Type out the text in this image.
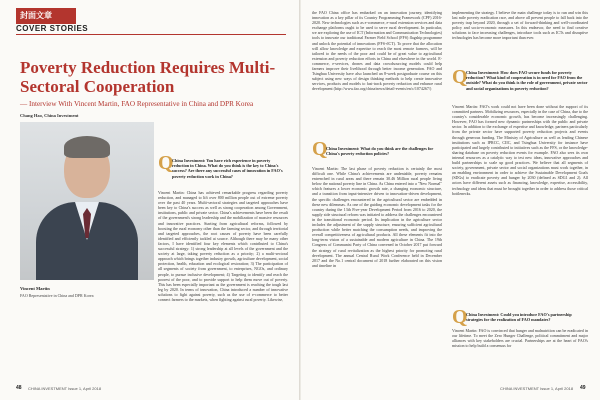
封面文章
COVER STORIES
Poverty Reduction Requires Multi-Sectoral Cooperation
— Interview With Vincent Martin, FAO Representative in China and DPR Korea
Chang Hao, China Investment
Vincent Martin
FAO Representative in China and DPR Korea
Q
China Investment: You have rich experience in poverty reduction in China. What do you think is the key to China's success? Are there any successful cases of innovation in FAO's poverty reduction work in China?
Vincent Martin: China has achieved remarkable progress regarding poverty reduction, and managed to lift over 800 million people out of extreme poverty over the past 40 years. Multi-sectoral strategies and targeted approaches have been key to China's success as well as strong cooperation among Government, institutions, public and private sector. China's achievements have been the result of the government's strong leadership and the mobilization of massive resources and innovative practices. Starting from agricultural reforms, followed by boosting the rural economy other than the farming sector, and through territorial and targeted approaches, the root causes of poverty have been carefully identified and efficiently tackled at source. Although there may be many other factors, I have identified four key elements which contributed to China's successful strategy: 1) strong leadership at all levels of the government and the society at large, taking poverty reduction as a priority; 2) a multi-sectoral approach which brings together industry growth, agriculture development, social protection, health, education and ecological restoration; 3) The participation of all segments of society from government, to enterprises, NGOs, and ordinary people, to pursue inclusive development; 4) Targeting to identify and reach the poorest of the poor, and to provide support to help them move out of poverty. This has been especially important as the government is reaching the tough last leg by 2020. In terms of innovation, China introduced a number of innovative solutions to fight against poverty, such as the use of e-commerce to better connect farmers to the markets, when fighting against rural poverty. Likewise,
48 CHINA INVESTMENT Issue 1, April 2018
the FAO China office has embarked on an innovation journey, identifying innovation as a key pillar of its Country Programming Framework (CPF) 2016-2020. New technologies such as e-commerce, e-rural extension services and data exchange platforms ought to be used to serve rural development. In particular, we are exploring the use of ICT (Information and Communication Technologies) tools to innovate our traditional Farmer Field School (FFS) flagship programme and unlock the potential of innovations (FFS+ICT). To prove that the allocation will allow knowledge and expertise to reach the most remote farmers, will be tailored to the needs of the poor and could be of great value to agricultural extension and poverty reduction efforts in China and elsewhere in the world. E-commerce, e-services, drones and data crowdsourcing models could help farmers improve their livelihood through better income generation. FAO and Tsinghua University have also launched an 8-week postgraduate course on this subject using new ways of design thinking methods to help create innovative services, products and models to fast-track poverty reduction and enhance rural development (http://www.fao.org/china/news/detail-events/en/c/1074267/)
Q
China Investment: What do you think are the challenges for China's poverty reduction policies?
Vincent Martin: The last phase of poverty reduction is certainly the most difficult one. While China's achievements are undeniable, poverty remains entrenched in rural areas and there remain 30.46 Million rural people living below the national poverty line in China. As China entered into a "New Normal" which features a lower economic growth rate, a changing economic structure, and a transition from input-intensive driven to innovation-driven development, the specific challenges encountered in the agricultural sector are embedded in these new dilemmas. As one of the guiding economic development tasks for the country during the 13th Five-year Development Period from 2016 to 2020, the supply side structural reform was initiated to address the challenges encountered in the transitional economic period. Its implication in the agriculture sector includes the adjustment of the supply structure, ensuring sufficient agricultural production while better matching the consumption needs, and improving the overall competitiveness of agricultural products. All these elements fit into the long-term vision of a sustainable and modern agriculture in China. The 19th Congress of Communist Party of China convened in October 2017 put forward the strategy of rural revitalization as the highest priority for promoting rural development. The annual Central Rural Work Conference held in December 2017 and the No.1 central document of 2018 further elaborated on this vision and timeline in
implementing the strategy. I believe the main challenge today is to run and win this last mile poverty eradication race, and above all prevent people to fall back into the poverty trap beyond 2020, through a set of forward-thinking and well-coordinated policy and socio-economic measures. In this endeavor, the need to find creative solutions to face increasing challenges, introduce tools such as ICTs and disruptive technologies has become more important than ever.
Q
China Investment: How does FAO secure funds for poverty reduction? What kind of cooperation is in need for FAO from the outside? What do you think is the role of government, private sector and social organizations in poverty reduction?
Vincent Martin: FAO's work could not have been done without the support of its committed partners. Mobilizing resources, especially in the case of China, due to the country's considerable economic growth, has become increasingly challenging. However, FAO has formed new dynamic partnerships with the public and private sector. In addition to the exchange of expertise and knowledge, partners particularly from the private sector have supported poverty reduction projects and events through generous funding. The Ministry of Agriculture as well as leading Chinese institutions such as IPRCC, CIIC, and Tsinghua University for instance have participated and largely contributed to initiatives such as the FFS, or the knowledge-sharing database on poverty reduction events for example. FAO also sees its own internal resources as a catalytic way to test new ideas, innovative approaches and build partnerships to scale up good practices. We believe that all segments of society, government, private sector and social organizations must work together, in an enabling environment in order to achieve the Sustainable Development Goals (SDGs) to eradicate poverty and hunger by 2030 (defined as SDG1 and 2). All actors have different assets such as financing, knowledge, expertise, accessibility, technology and ideas that must be brought together in order to address those critical bottlenecks.
Q
China Investment: Could you introduce FAO's partnership strategies for the realization of FAO mandates?
Vincent Martin: FAO is convinced that hunger and malnutrition can be eradicated in our lifetime. To meet the Zero Hunger Challenge, political commitment and major alliances with key stakeholders are crucial. Partnerships are at the heart of FAO's mission to help build a consensus for
CHINA INVESTMENT Issue 1, April 2018 49
